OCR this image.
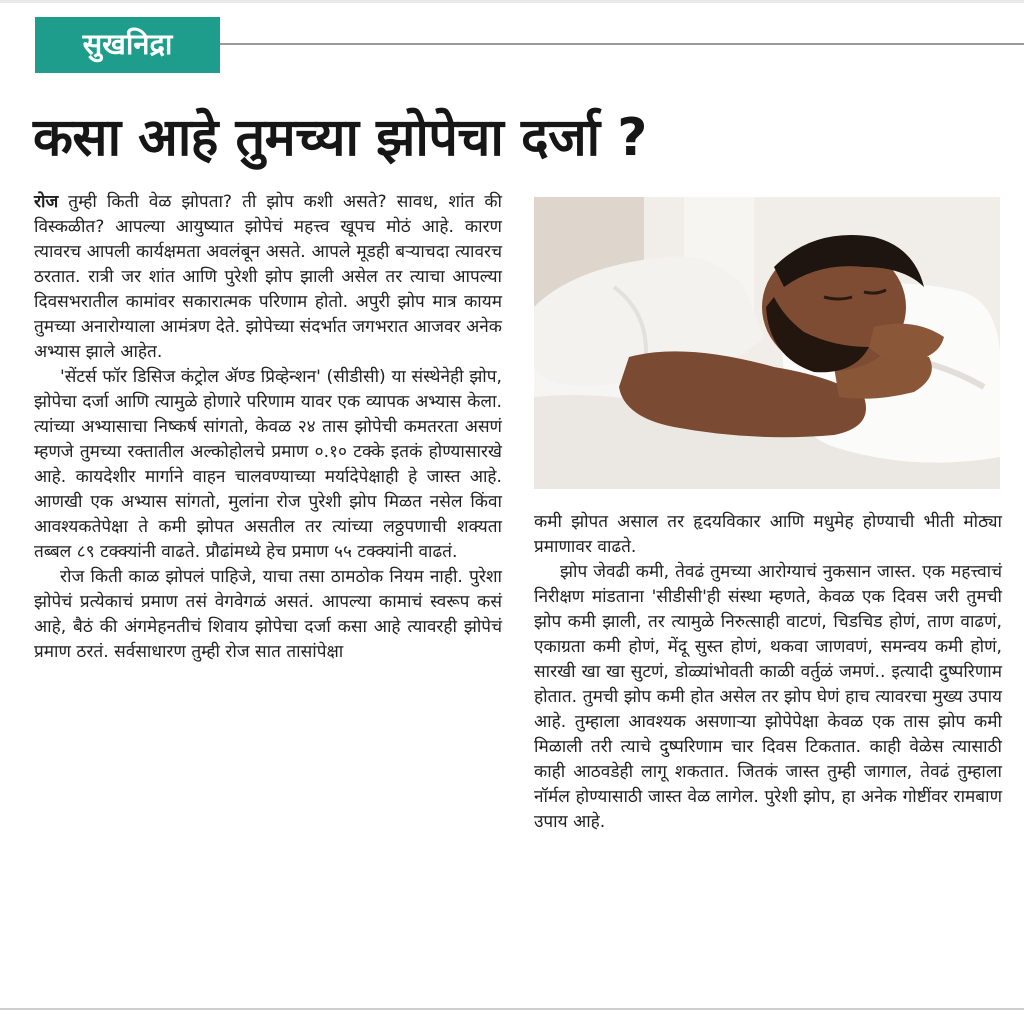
सुखनिद्रा
कसा आहे तुमच्या झोपेचा दर्जा ?

रोज तुम्ही किती वेळ झोपता? ती झोप कशी असते? सावध, शांत की विस्कळीत? आपल्या आयुष्यात झोपेचं महत्त्व खूपच मोठं आहे. कारण त्यावरच आपली कार्यक्षमता अवलंबून असते. आपले मूडही बऱ्याचदा त्यावरच ठरतात. रात्री जर शांत आणि पुरेशी झोप झाली असेल तर त्याचा आपल्या दिवसभरातील कामांवर सकारात्मक परिणाम होतो. अपुरी झोप मात्र कायम तुमच्या अनारोग्याला आमंत्रण देते. झोपेच्या संदर्भात जगभरात आजवर अनेक अभ्यास झाले आहेत.

'सेंटर्स फॉर डिसिज कंट्रोल ॲण्ड प्रिव्हेन्शन' (सीडीसी) या संस्थेनेही झोप, झोपेचा दर्जा आणि त्यामुळे होणारे परिणाम यावर एक व्यापक अभ्यास केला. त्यांच्या अभ्यासाचा निष्कर्ष सांगतो, केवळ २४ तास झोपेची कमतरता असणं म्हणजे तुमच्या रक्तातील अल्कोहोलचे प्रमाण ०.१० टक्के इतकं होण्यासारखे आहे. कायदेशीर मार्गाने वाहन चालवण्याच्या मर्यादेपेक्षाही हे जास्त आहे. आणखी एक अभ्यास सांगतो, मुलांना रोज पुरेशी झोप मिळत नसेल किंवा आवश्यकतेपेक्षा ते कमी झोपत असतील तर त्यांच्या लठ्ठपणाची शक्यता तब्बल ८९ टक्क्यांनी वाढते. प्रौढांमध्ये हेच प्रमाण ५५ टक्क्यांनी वाढतं.

रोज किती काळ झोपलं पाहिजे, याचा तसा ठामठोक नियम नाही. पुरेशा झोपेचं प्रत्येकाचं प्रमाण तसं वेगवेगळं असतं. आपल्या कामाचं स्वरूप कसं आहे, बैठं की अंगमेहनतीचं शिवाय झोपेचा दर्जा कसा आहे त्यावरही झोपेचं प्रमाण ठरतं. सर्वसाधारण तुम्ही रोज सात तासांपेक्षा

कमी झोपत असाल तर हृदयविकार आणि मधुमेह होण्याची भीती मोठ्या प्रमाणावर वाढते.

झोप जेवढी कमी, तेवढं तुमच्या आरोग्याचं नुकसान जास्त. एक महत्त्वाचं निरीक्षण मांडताना 'सीडीसी'ही संस्था म्हणते, केवळ एक दिवस जरी तुमची झोप कमी झाली, तर त्यामुळे निरुत्साही वाटणं, चिडचिड होणं, ताण वाढणं, एकाग्रता कमी होणं, मेंदू सुस्त होणं, थकवा जाणवणं, समन्वय कमी होणं, सारखी खा खा सुटणं, डोळ्यांभोवती काळी वर्तुळं जमणं.. इत्यादी दुष्परिणाम होतात. तुमची झोप कमी होत असेल तर झोप घेणं हाच त्यावरचा मुख्य उपाय आहे. तुम्हाला आवश्यक असणाऱ्या झोपेपेक्षा केवळ एक तास झोप कमी मिळाली तरी त्याचे दुष्परिणाम चार दिवस टिकतात. काही वेळेस त्यासाठी काही आठवडेही लागू शकतात. जितकं जास्त तुम्ही जागाल, तेवढं तुम्हाला नॉर्मल होण्यासाठी जास्त वेळ लागेल. पुरेशी झोप, हा अनेक गोष्टींवर रामबाण उपाय आहे.
